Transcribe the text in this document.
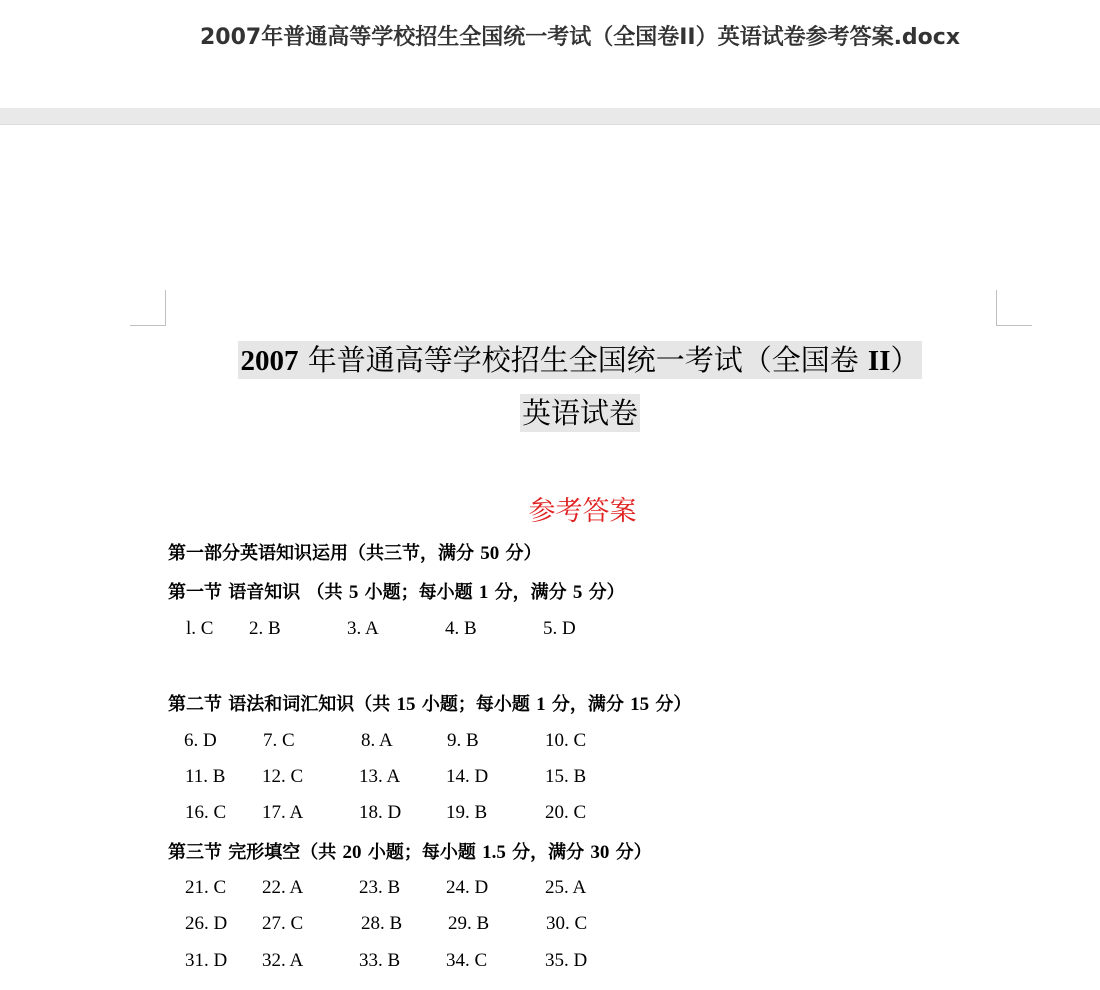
2007年普通高等学校招生全国统一考试（全国卷II）英语试卷参考答案.docx
2007 年普通高等学校招生全国统一考试（全国卷 II）
英语试卷
参考答案
第一部分英语知识运用（共三节，满分 50 分）
第一节 语音知识 （共 5 小题；每小题 1 分，满分 5 分）
l. C 2. B	3. A	4. B	5. D
第二节 语法和词汇知识（共 15 小题；每小题 1 分，满分 15 分）
6. D 7. C	8. A	9. B	10. C
11. B 12. C	13. A 14. D	15. B
16. C 17. A	18. D 19. B	20. C
第三节 完形填空（共 20 小题；每小题 1.5 分，满分 30 分）
21. C 22. A	23. B 24. D	25. A
26. D 27. C	28. B 29. B	30. C
31. D 32. A	33. B 34. C	35. D
